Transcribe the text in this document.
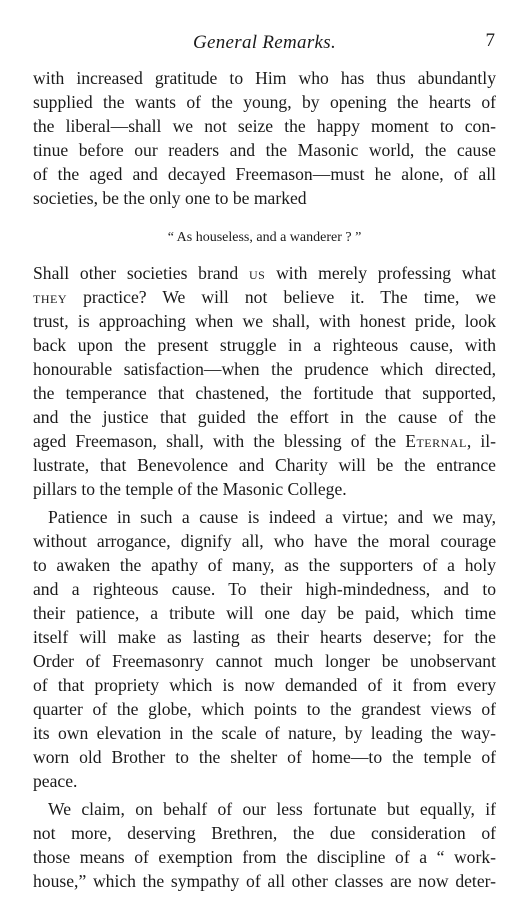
General Remarks.	7
with increased gratitude to Him who has thus abundantly
supplied the wants of the young, by opening the hearts of
the liberal—shall we not seize the happy moment to con-
tinue before our readers and the Masonic world, the cause
of the aged and decayed Freemason—must he alone, of all
societies, be the only one to be marked
“ As houseless, and a wanderer ? ”
Shall other societies brand us with merely professing what
they practice? We will not believe it. The time, we
trust, is approaching when we shall, with honest pride, look
back upon the present struggle in a righteous cause, with
honourable satisfaction—when the prudence which directed,
the temperance that chastened, the fortitude that supported,
and the justice that guided the effort in the cause of the
aged Freemason, shall, with the blessing of the Eternal, il-
lustrate, that Benevolence and Charity will be the entrance
pillars to the temple of the Masonic College.
Patience in such a cause is indeed a virtue; and we may,
without arrogance, dignify all, who have the moral courage
to awaken the apathy of many, as the supporters of a holy
and a righteous cause. To their high-mindedness, and to
their patience, a tribute will one day be paid, which time
itself will make as lasting as their hearts deserve; for the
Order of Freemasonry cannot much longer be unobservant
of that propriety which is now demanded of it from every
quarter of the globe, which points to the grandest views of
its own elevation in the scale of nature, by leading the way-
worn old Brother to the shelter of home—to the temple of
peace.
We claim, on behalf of our less fortunate but equally, if
not more, deserving Brethren, the due consideration of
those means of exemption from the discipline of a “ work-
house,” which the sympathy of all other classes are now deter-
